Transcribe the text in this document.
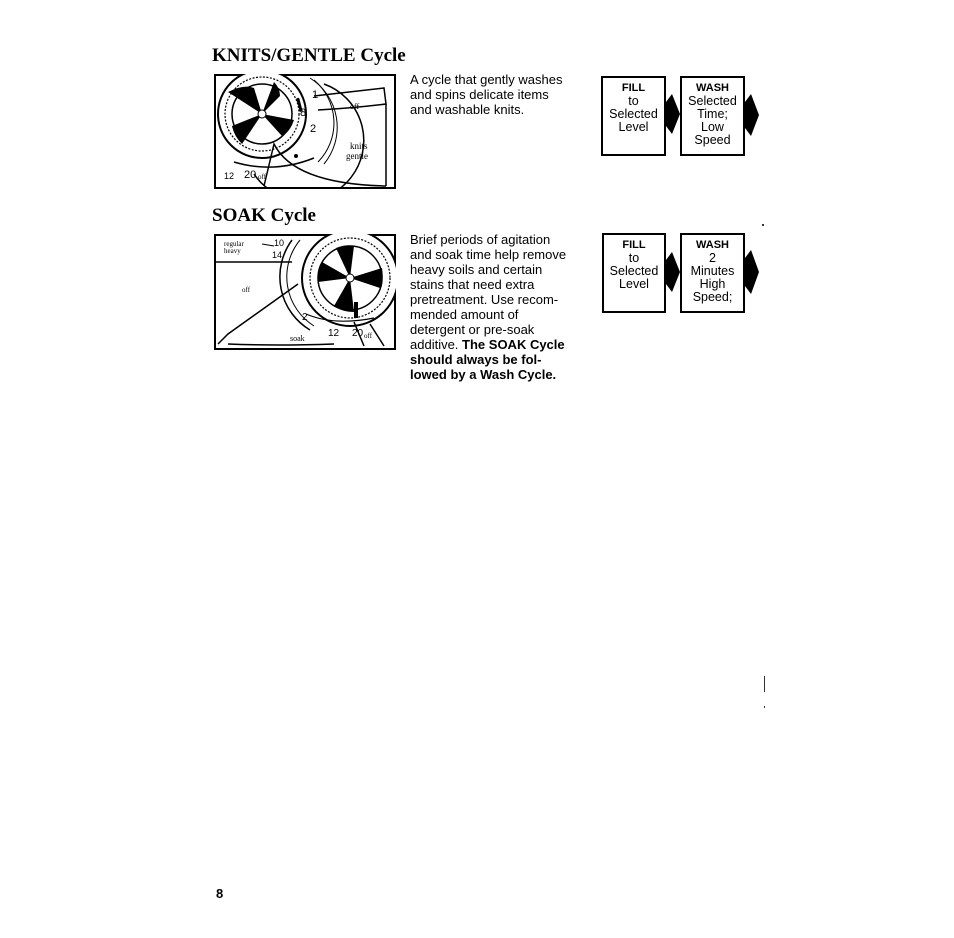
KNITS/GENTLE Cycle
1
8
2
off
knits
gentle
12 20 off
A cycle that gently washes
and spins delicate items
and washable knits.
FILL
to
Selected
Level
WASH
Selected
Time;
Low
Speed
SOAK Cycle
regular
heavy
10
14
off
2
soak 12 20 off
Brief periods of agitation
and soak time help remove
heavy soils and certain
stains that need extra
pretreatment. Use recom-
mended amount of
detergent or pre-soak
additive. The SOAK Cycle
should always be fol-
lowed by a Wash Cycle.
FILL
to
Selected
Level
WASH
2
Minutes
High
Speed;
8
